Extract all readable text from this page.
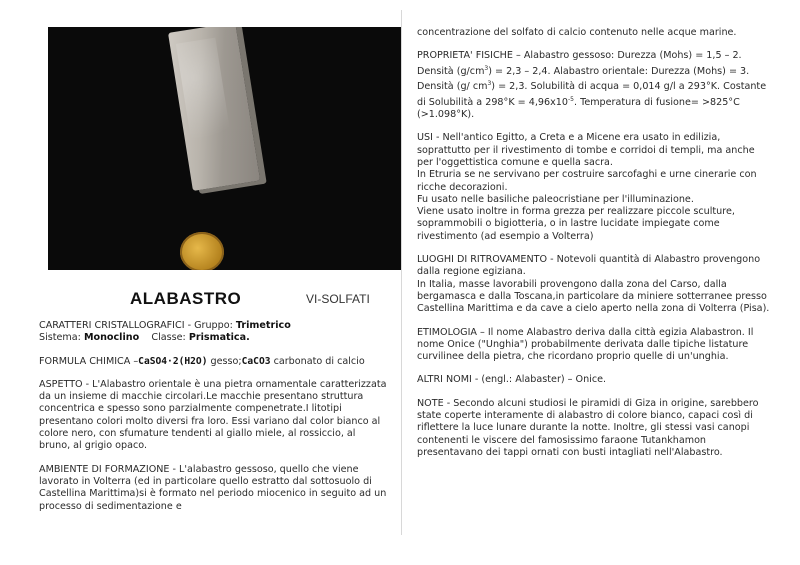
ALABASTRO	VI-SOLFATI

CARATTERI CRISTALLOGRAFICI - Gruppo: Trimetrico
Sistema: Monoclino Classe: Prismatica.

FORMULA CHIMICA –CaSO4·2(H2O) gesso;CaCO3 carbonato di calcio

ASPETTO - L'Alabastro orientale è una pietra ornamentale caratterizzata da un insieme di macchie circolari.Le macchie presentano struttura concentrica e spesso sono parzialmente compenetrate.I litotipi presentano colori molto diversi fra loro. Essi variano dal color bianco al colore nero, con sfumature tendenti al giallo miele, al rossiccio, al bruno, al grigio opaco.

AMBIENTE DI FORMAZIONE - L'alabastro gessoso, quello che viene lavorato in Volterra (ed in particolare quello estratto dal sottosuolo di Castellina Marittima)si è formato nel periodo miocenico in seguito ad un processo di sedimentazione e

concentrazione del solfato di calcio contenuto nelle acque marine.

PROPRIETA' FISICHE – Alabastro gessoso: Durezza (Mohs) = 1,5 – 2. Densità $(g/cm^3) = 2,3 - 2,4$. Alabastro orientale: Durezza (Mohs) = 3. Densità (g/ $cm^3) = 2,3$. Solubilità di acqua = 0,014 g/l a 293°K. Costante di Solubilità a $298^\circ K = 4,96x10^{-5}$. Temperatura di fusione= >825°C (>1.098°K).

USI - Nell'antico Egitto, a Creta e a Micene era usato in edilizia, soprattutto per il rivestimento di tombe e corridoi di templi, ma anche per l'oggettistica comune e quella sacra.
In Etruria se ne servivano per costruire sarcofaghi e urne cinerarie con ricche decorazioni.
Fu usato nelle basiliche paleocristiane per l'illuminazione.
Viene usato inoltre in forma grezza per realizzare piccole sculture, soprammobili o bigiotteria, o in lastre lucidate impiegate come rivestimento (ad esempio a Volterra)

LUOGHI DI RITROVAMENTO - Notevoli quantità di Alabastro provengono dalla regione egiziana.
In Italia, masse lavorabili provengono dalla zona del Carso, dalla bergamasca e dalla Toscana,in particolare da miniere sotterranee presso Castellina Marittima e da cave a cielo aperto nella zona di Volterra (Pisa).

ETIMOLOGIA – Il nome Alabastro deriva dalla città egizia Alabastron. Il nome Onice ("Unghia") probabilmente derivata dalle tipiche listature curvilinee della pietra, che ricordano proprio quelle di un'unghia.

ALTRI NOMI - (engl.: Alabaster) – Onice.

NOTE - Secondo alcuni studiosi le piramidi di Giza in origine, sarebbero state coperte interamente di alabastro di colore bianco, capaci così di riflettere la luce lunare durante la notte. Inoltre, gli stessi vasi canopi contenenti le viscere del famosissimo faraone Tutankhamon presentavano dei tappi ornati con busti intagliati nell'Alabastro.
